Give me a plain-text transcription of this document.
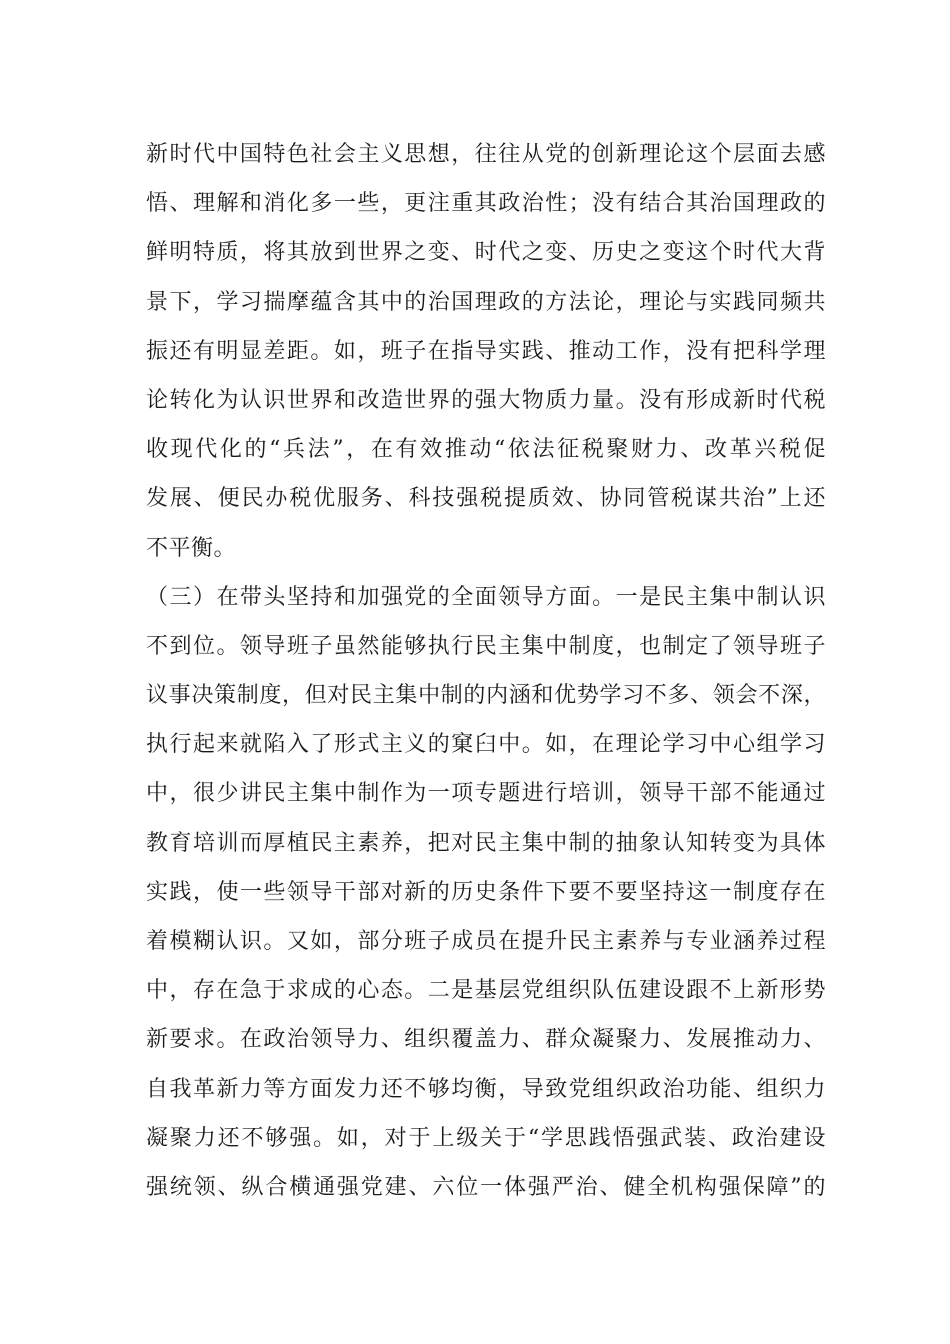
新时代中国特色社会主义思想，往往从党的创新理论这个层面去感
悟、理解和消化多一些，更注重其政治性；没有结合其治国理政的
鲜明特质，将其放到世界之变、时代之变、历史之变这个时代大背
景下，学习揣摩蕴含其中的治国理政的方法论，理论与实践同频共
振还有明显差距。如，班子在指导实践、推动工作，没有把科学理
论转化为认识世界和改造世界的强大物质力量。没有形成新时代税
收现代化的“兵法”，在有效推动“依法征税聚财力、改革兴税促
发展、便民办税优服务、科技强税提质效、协同管税谋共治”上还
不平衡。
（三）在带头坚持和加强党的全面领导方面。一是民主集中制认识
不到位。领导班子虽然能够执行民主集中制度，也制定了领导班子
议事决策制度，但对民主集中制的内涵和优势学习不多、领会不深，
执行起来就陷入了形式主义的窠臼中。如，在理论学习中心组学习
中，很少讲民主集中制作为一项专题进行培训，领导干部不能通过
教育培训而厚植民主素养，把对民主集中制的抽象认知转变为具体
实践，使一些领导干部对新的历史条件下要不要坚持这一制度存在
着模糊认识。又如，部分班子成员在提升民主素养与专业涵养过程
中，存在急于求成的心态。二是基层党组织队伍建设跟不上新形势
新要求。在政治领导力、组织覆盖力、群众凝聚力、发展推动力、
自我革新力等方面发力还不够均衡，导致党组织政治功能、组织力
凝聚力还不够强。如，对于上级关于“学思践悟强武装、政治建设
强统领、纵合横通强党建、六位一体强严治、健全机构强保障”的
